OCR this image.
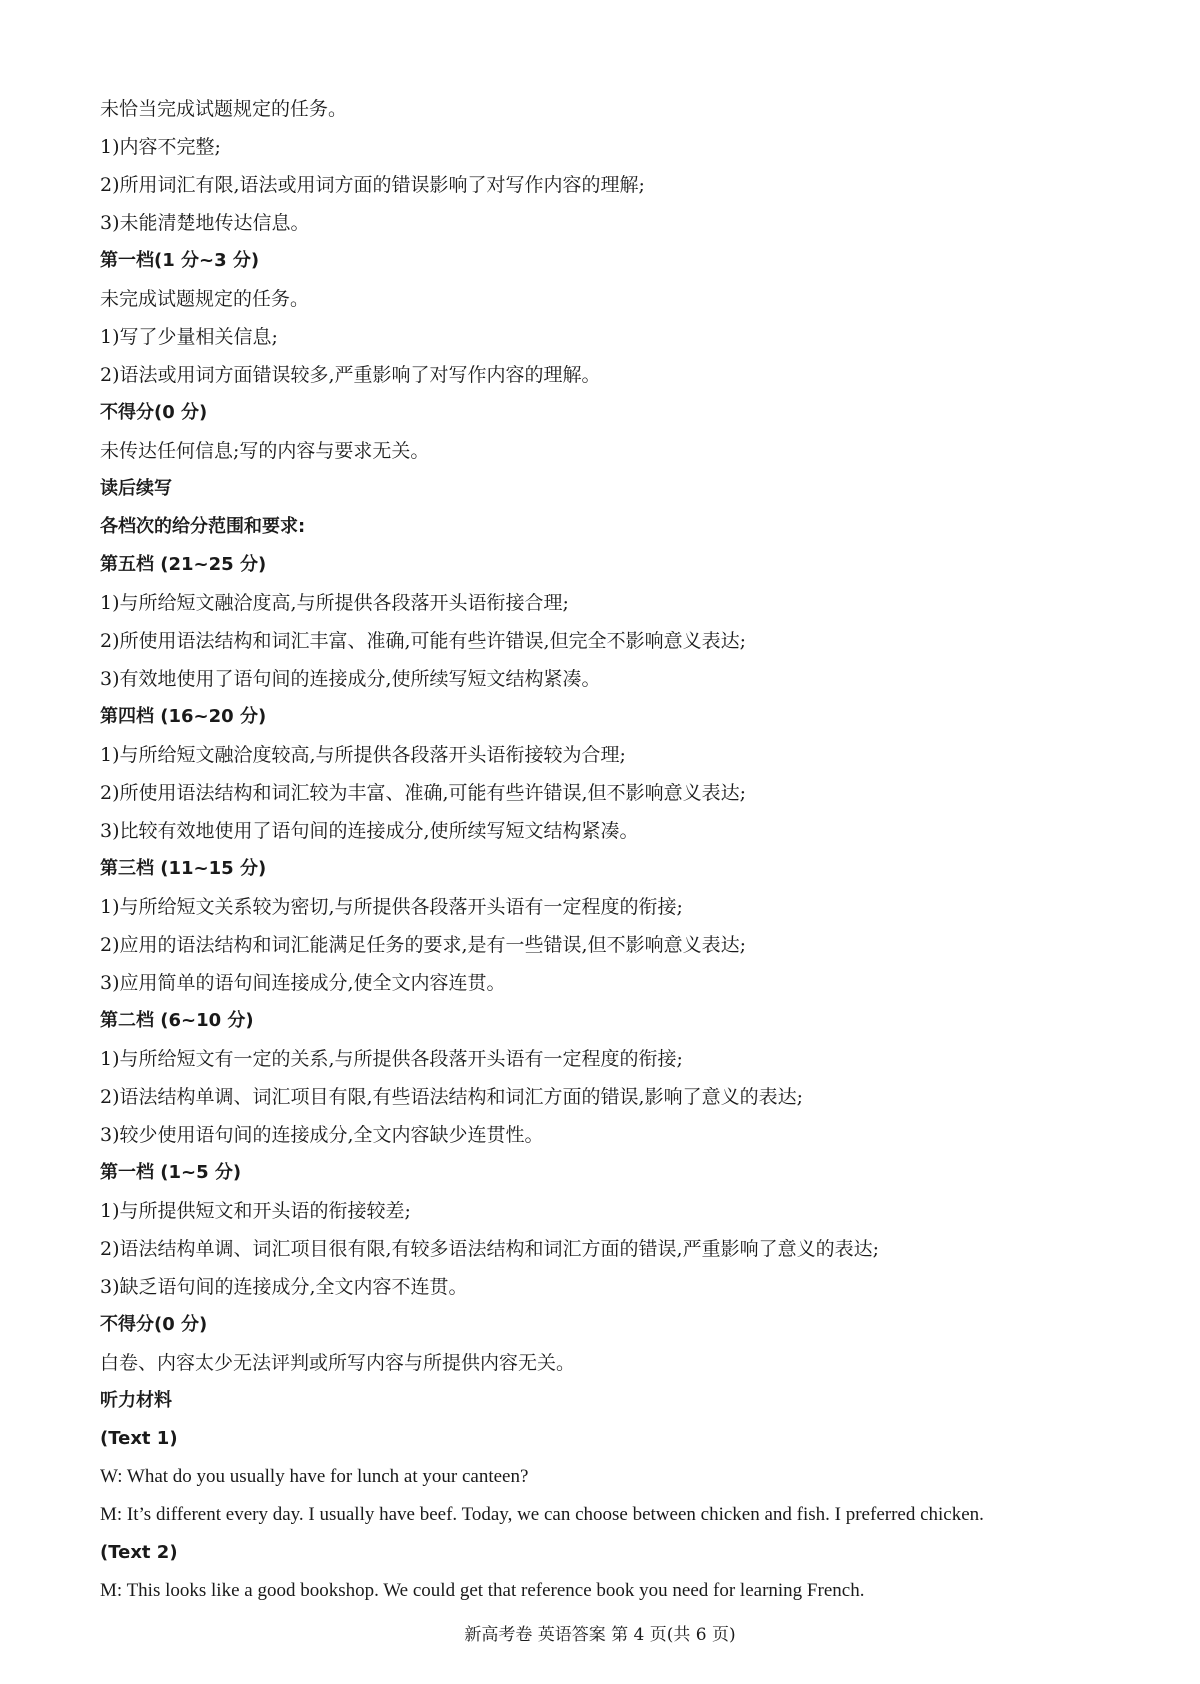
未恰当完成试题规定的任务。
1)内容不完整;
2)所用词汇有限,语法或用词方面的错误影响了对写作内容的理解;
3)未能清楚地传达信息。
第一档(1 分~3 分)
未完成试题规定的任务。
1)写了少量相关信息;
2)语法或用词方面错误较多,严重影响了对写作内容的理解。
不得分(0 分)
未传达任何信息;写的内容与要求无关。
读后续写
各档次的给分范围和要求:
第五档 (21~25 分)
1)与所给短文融洽度高,与所提供各段落开头语衔接合理;
2)所使用语法结构和词汇丰富、准确,可能有些许错误,但完全不影响意义表达;
3)有效地使用了语句间的连接成分,使所续写短文结构紧凑。
第四档 (16~20 分)
1)与所给短文融洽度较高,与所提供各段落开头语衔接较为合理;
2)所使用语法结构和词汇较为丰富、准确,可能有些许错误,但不影响意义表达;
3)比较有效地使用了语句间的连接成分,使所续写短文结构紧凑。
第三档 (11~15 分)
1)与所给短文关系较为密切,与所提供各段落开头语有一定程度的衔接;
2)应用的语法结构和词汇能满足任务的要求,是有一些错误,但不影响意义表达;
3)应用简单的语句间连接成分,使全文内容连贯。
第二档 (6~10 分)
1)与所给短文有一定的关系,与所提供各段落开头语有一定程度的衔接;
2)语法结构单调、词汇项目有限,有些语法结构和词汇方面的错误,影响了意义的表达;
3)较少使用语句间的连接成分,全文内容缺少连贯性。
第一档 (1~5 分)
1)与所提供短文和开头语的衔接较差;
2)语法结构单调、词汇项目很有限,有较多语法结构和词汇方面的错误,严重影响了意义的表达;
3)缺乏语句间的连接成分,全文内容不连贯。
不得分(0 分)
白卷、内容太少无法评判或所写内容与所提供内容无关。
听力材料
(Text 1)
W: What do you usually have for lunch at your canteen?
M: It’s different every day. I usually have beef. Today, we can choose between chicken and fish. I preferred chicken.
(Text 2)
M: This looks like a good bookshop. We could get that reference book you need for learning French.
新高考卷 英语答案 第 4 页(共 6 页)
